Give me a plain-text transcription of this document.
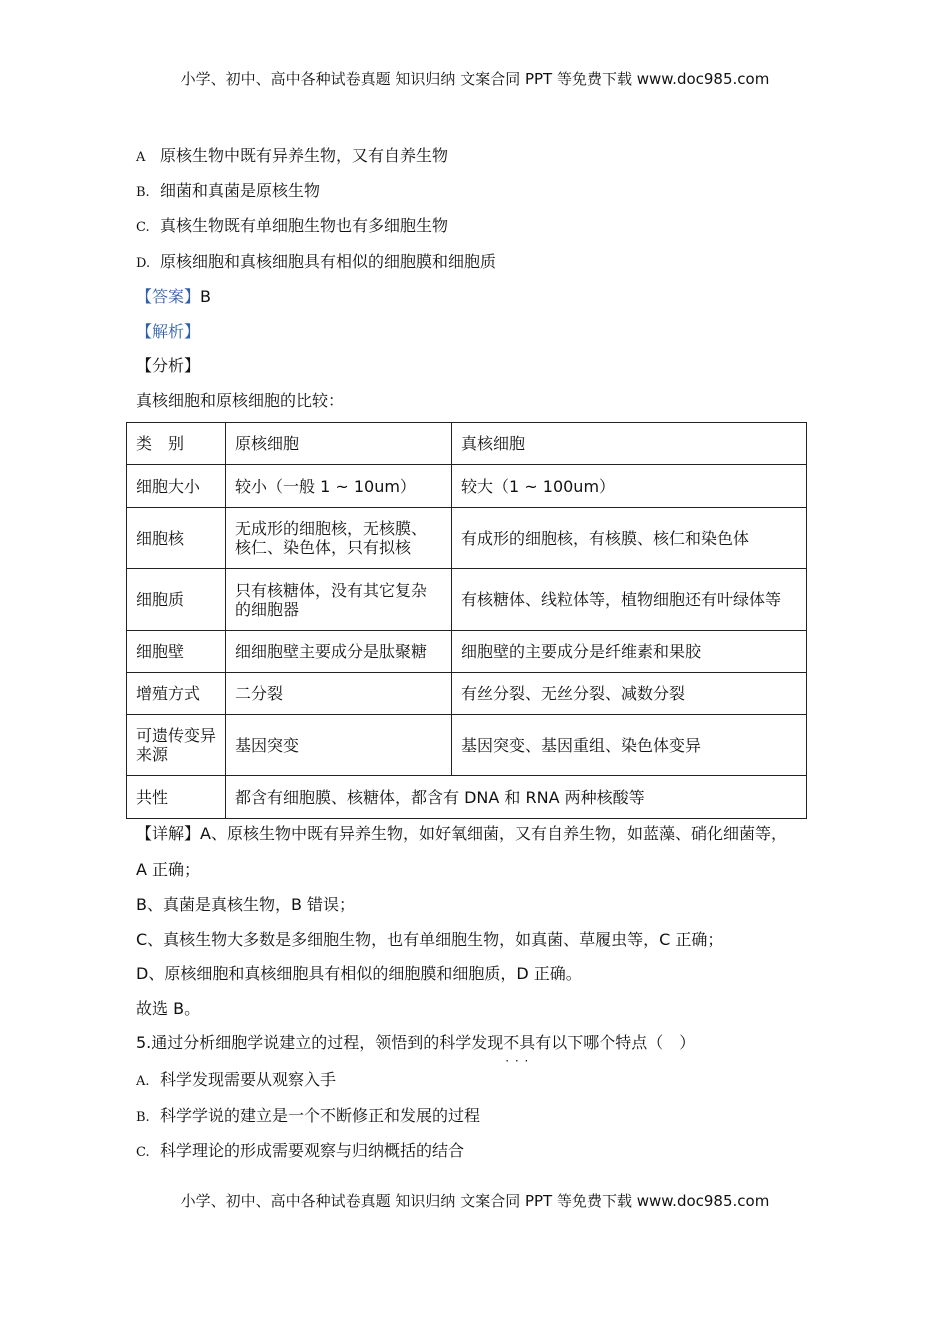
小学、初中、高中各种试卷真题 知识归纳 文案合同 PPT 等免费下载 www.doc985.com
A 原核生物中既有异养生物，又有自养生物
B. 细菌和真菌是原核生物
C. 真核生物既有单细胞生物也有多细胞生物
D. 原核细胞和真核细胞具有相似的细胞膜和细胞质
【答案】B
【解析】
【分析】
真核细胞和原核细胞的比较：
类　别	原核细胞	真核细胞
细胞大小	较小（一般 1 ~ 10um）	较大（1 ~ 100um）
细胞核	无成形的细胞核，无核膜、核仁、染色体，只有拟核	有成形的细胞核，有核膜、核仁和染色体
细胞质	只有核糖体，没有其它复杂的细胞器	有核糖体、线粒体等，植物细胞还有叶绿体等
细胞壁	细细胞壁主要成分是肽聚糖	细胞壁的主要成分是纤维素和果胶
增殖方式	二分裂	有丝分裂、无丝分裂、减数分裂
可遗传变异来源	基因突变	基因突变、基因重组、染色体变异
共性	都含有细胞膜、核糖体，都含有 DNA 和 RNA 两种核酸等	
【详解】A、原核生物中既有异养生物，如好氧细菌，又有自养生物，如蓝藻、硝化细菌等，
A 正确；
B、真菌是真核生物，B 错误；
C、真核生物大多数是多细胞生物，也有单细胞生物，如真菌、草履虫等，C 正确；
D、原核细胞和真核细胞具有相似的细胞膜和细胞质，D 正确。
故选 B。
5.通过分析细胞学说建立的过程，领悟到的科学发现不具有 · · ·以下哪个特点（　）
A. 科学发现需要从观察入手
B. 科学学说的建立是一个不断修正和发展的过程
C. 科学理论的形成需要观察与归纳概括的结合
小学、初中、高中各种试卷真题 知识归纳 文案合同 PPT 等免费下载 www.doc985.com
